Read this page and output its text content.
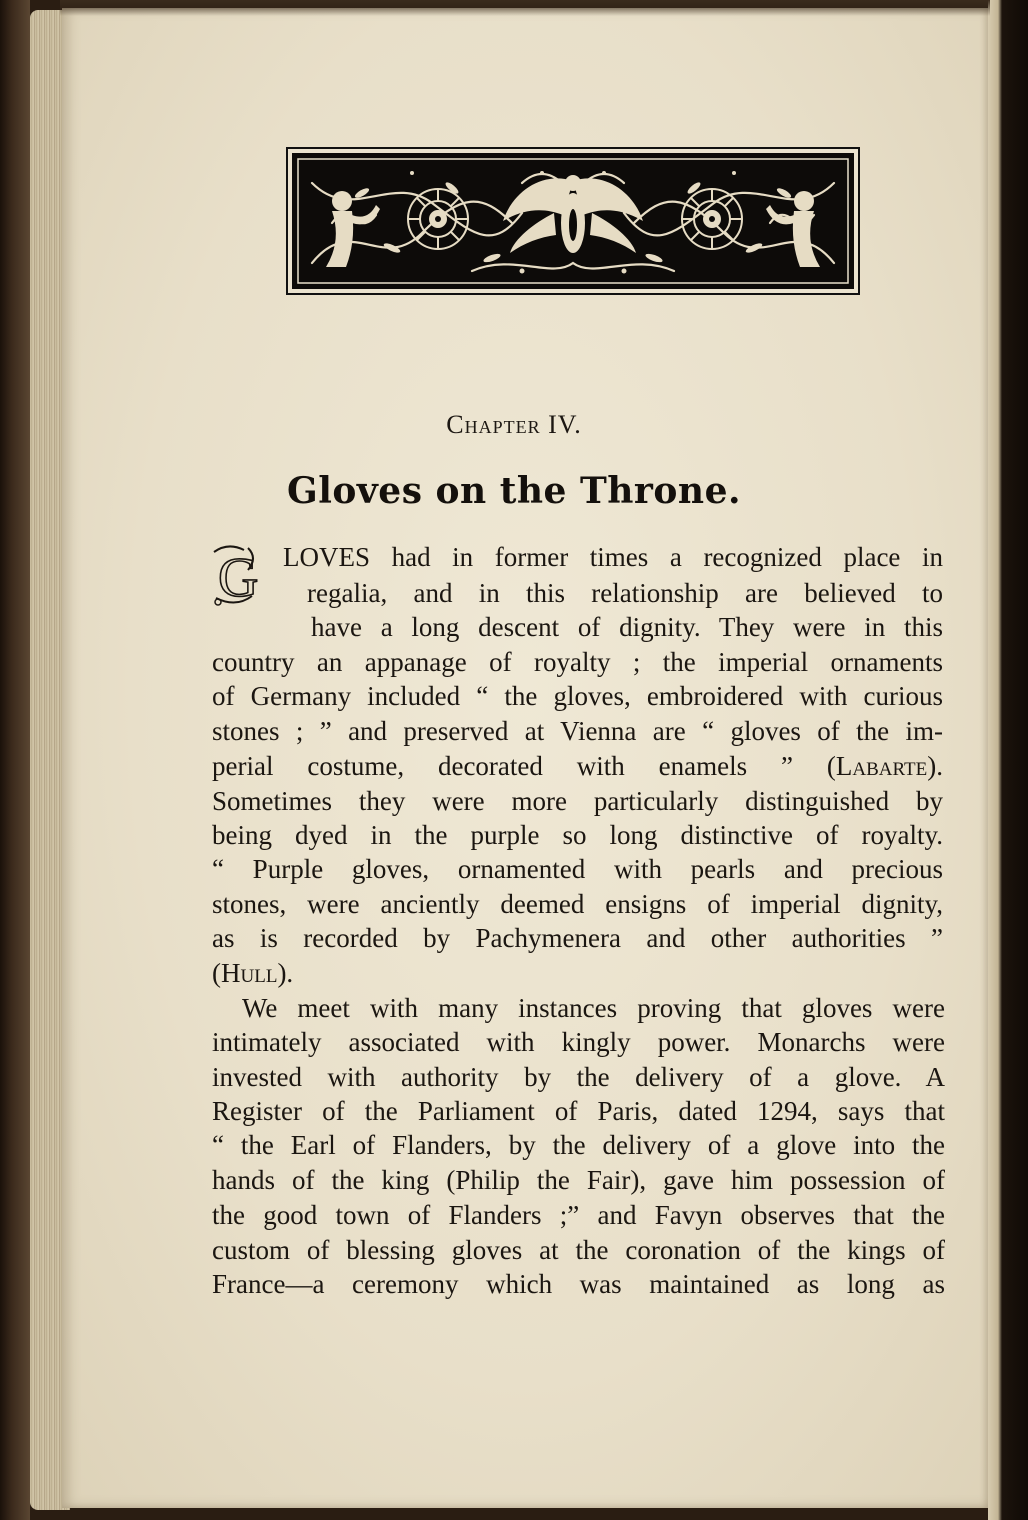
Chapter IV.
Gloves on the Throne.
G LOVES had in former times a recognized place in
regalia, and in this relationship are believed to
have a long descent of dignity. They were in this
country an appanage of royalty ; the imperial ornaments
of Germany included “ the gloves, embroidered with curious
stones ; ” and preserved at Vienna are “ gloves of the im-
perial costume, decorated with enamels ” (Labarte).
Sometimes they were more particularly distinguished by
being dyed in the purple so long distinctive of royalty.
“ Purple gloves, ornamented with pearls and precious
stones, were anciently deemed ensigns of imperial dignity,
as is recorded by Pachymenera and other authorities ”
(Hull).
We meet with many instances proving that gloves were
intimately associated with kingly power. Monarchs were
invested with authority by the delivery of a glove. A
Register of the Parliament of Paris, dated 1294, says that
“ the Earl of Flanders, by the delivery of a glove into the
hands of the king (Philip the Fair), gave him possession of
the good town of Flanders ;” and Favyn observes that the
custom of blessing gloves at the coronation of the kings of
France—a ceremony which was maintained as long as
